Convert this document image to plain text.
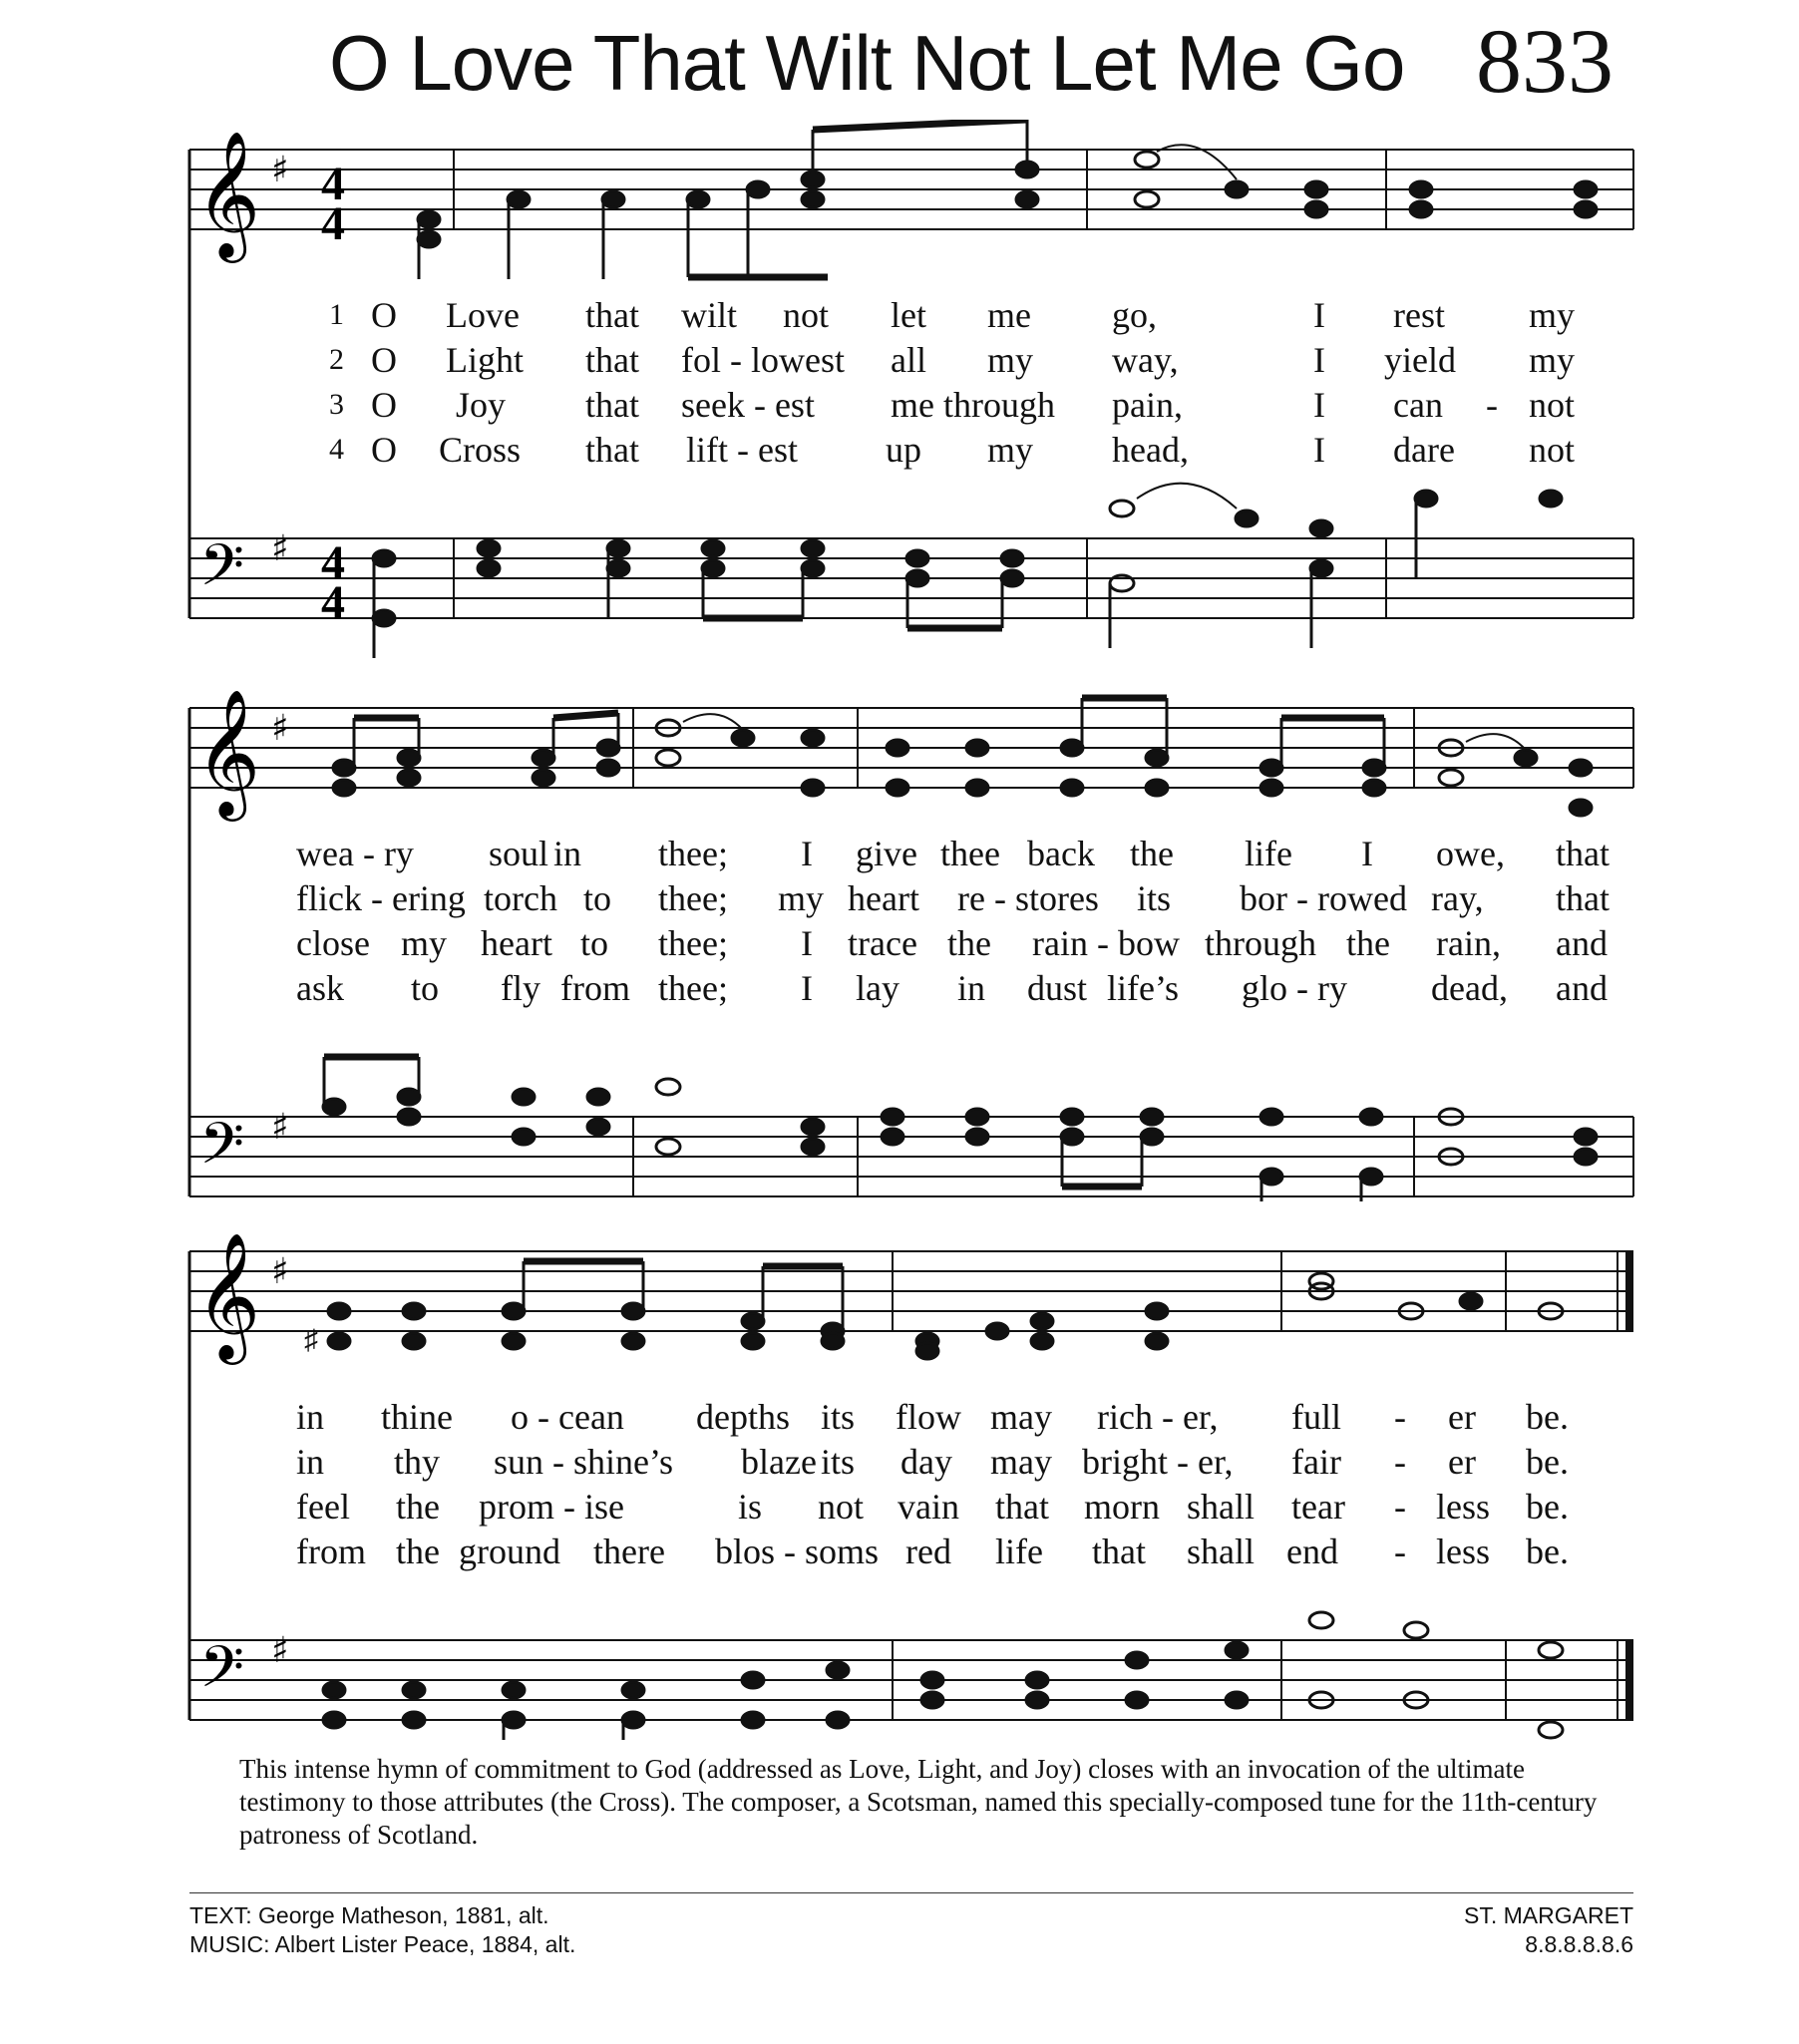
O Love That Wilt Not Let Me Go 833
𝄞 ♯ 4
4
𝄢 ♯ 4
4
1 O Love that wilt not let me go,	I rest my
2 O Light that fol - lowest all my way,	I yield my
3 O Joy that seek - est me through pain,	I can - not
4 O Cross that lift - est up my head,	I dare not
𝄞 ♯
𝄢 ♯
wea - ry soul in thee; I give thee back the life I owe, that
flick - ering torch to thee; my heart re - stores its bor - rowed ray, that
close my heart to thee; I trace the rain - bow through the rain, and
ask to fly from thee; I lay in dust life’s glo - ry dead, and
𝄞 ♯
𝄢 ♯
♯
in thine o - cean depths its flow may rich - er, full - er be.
in thy sun - shine’s blaze its day may bright - er, fair - er be.
feel the prom - ise	is not vain that morn shall tear - less be.
from the ground there blos - soms red life that shall end - less be.
This intense hymn of commitment to God (addressed as Love, Light, and Joy) closes with an invocation of the ultimate testimony to those attributes (the Cross). The composer, a Scotsman, named this specially-composed tune for the 11th-century patroness of Scotland.
TEXT: George Matheson, 1881, alt.
MUSIC: Albert Lister Peace, 1884, alt.
ST. MARGARET
8.8.8.8.8.6
